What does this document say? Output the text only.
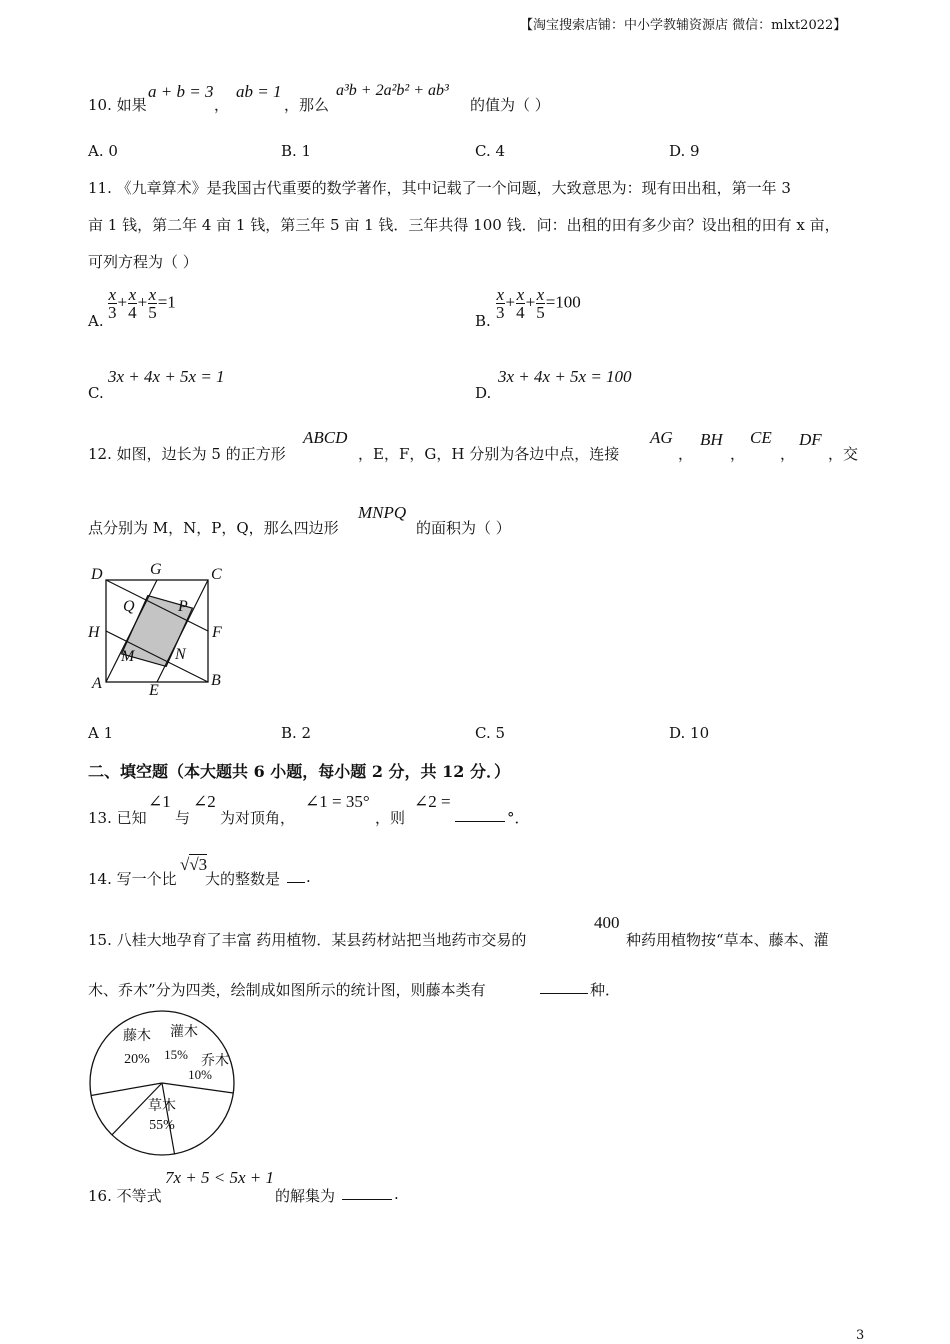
【淘宝搜索店铺：中小学教辅资源店 微信：mlxt2022】
10. 如果
a + b = 3
，
ab = 1
，那么
a³b + 2a²b² + ab³
的值为（ ）
A. 0	B. 1	C. 4	D. 9
11. 《九章算术》是我国古代重要的数学著作，其中记载了一个问题，大致意思为：现有田出租，第一年 3
亩 1 钱，第二年 4 亩 1 钱，第三年 5 亩 1 钱．三年共得 100 钱．问：出租的田有多少亩？设出租的田有 x 亩，
可列方程为（ ）
A. $\frac{x}{3} + \frac{x}{4} + \frac{x}{5} =1$
B. $\frac{x}{3} + \frac{x}{4} + \frac{x}{5} =100$
C.
3x + 4x + 5x = 1
D.
3x + 4x + 5x = 100
12. 如图，边长为 5 的正方形
ABCD
，E，F，G，H 分别为各边中点，连接
AG
，
BH
，
CE
，
DF
，交
点分别为 M，N，P，Q，那么四边形
MNPQ
的面积为（ ）
D	G	C
Q	P
H	F
M	N
A	E
B
A 1	B. 2	C. 5	D. 10
二、填空题（本大题共 6 小题，每小题 2 分，共 12 分．）
13. 已知
∠1
与
∠2
为对顶角，
∠1 = 35°
，则
∠2 =
°．
14. 写一个比
√√3
大的整数是 .
15. 八桂大地孕育了丰富 药用植物．某县药材站把当地药市交易的
400
种药用植物按“草本、藤本、灌
木、乔木”分为四类，绘制成如图所示的统计图，则藤本类有	种．
草木
55%
藤木
20%
灌木
15% 乔木
10%
16. 不等式
7x + 5 < 5x + 1
的解集为	.
3
